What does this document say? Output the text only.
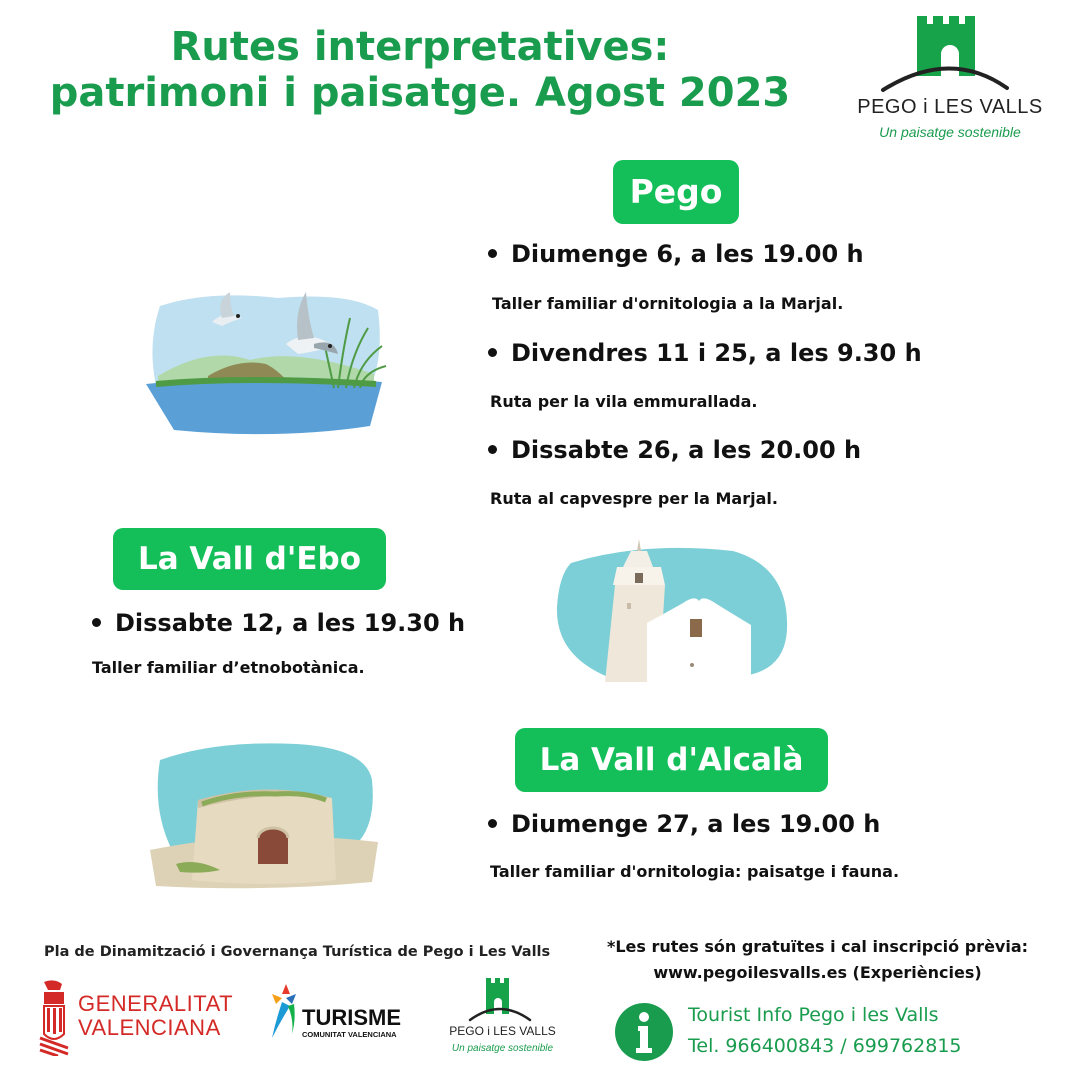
Rutes interpretatives:
patrimoni i paisatge. Agost 2023	PEGO i LES VALLS
Un paisatge sostenible
Pego
Diumenge 6, a les 19.00 h
Taller familiar d'ornitologia a la Marjal.
Divendres 11 i 25, a les 9.30 h
Ruta per la vila emmurallada.
Dissabte 26, a les 20.00 h
Ruta al capvespre per la Marjal.
La Vall d'Ebo
Dissabte 12, a les 19.30 h
Taller familiar d’etnobotànica.
La Vall d'Alcalà
Diumenge 27, a les 19.00 h
Taller familiar d'ornitologia: paisatge i fauna.
Pla de Dinamització i Governança Turística de Pego i Les Valls	*Les rutes són gratuïtes i cal inscripció prèvia:
www.pegoilesvalls.es (Experiències)
GENERALITAT
VALENCIANA	TURISME
COMUNITAT VALENCIANA	PEGO i LES VALLS
Un paisatge sostenible
Tourist Info Pego i les Valls
Tel. 966400843 / 699762815
